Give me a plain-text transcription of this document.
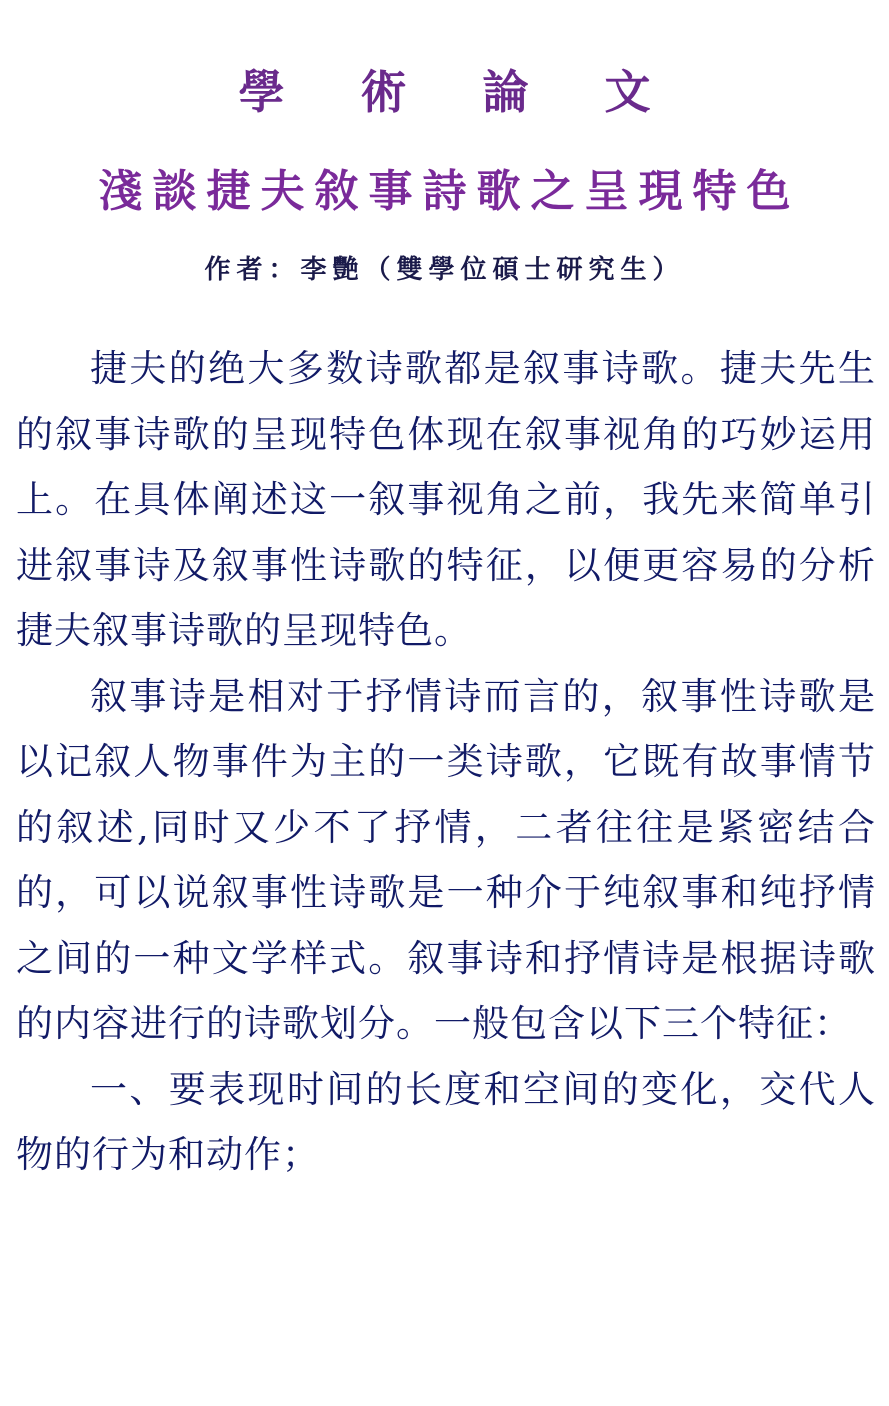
學 術 論 文
淺談捷夫敘事詩歌之呈現特色
作者：李艷（雙學位碩士研究生）

捷夫的绝大多数诗歌都是叙事诗歌。捷夫先生的叙事诗歌的呈现特色体现在叙事视角的巧妙运用上。在具体阐述这一叙事视角之前，我先来简单引进叙事诗及叙事性诗歌的特征，以便更容易的分析捷夫叙事诗歌的呈现特色。

叙事诗是相对于抒情诗而言的，叙事性诗歌是以记叙人物事件为主的一类诗歌，它既有故事情节的叙述,同时又少不了抒情，二者往往是紧密结合的，可以说叙事性诗歌是一种介于纯叙事和纯抒情之间的一种文学样式。叙事诗和抒情诗是根据诗歌的内容进行的诗歌划分。一般包含以下三个特征：

一、要表现时间的长度和空间的变化，交代人物的行为和动作；
